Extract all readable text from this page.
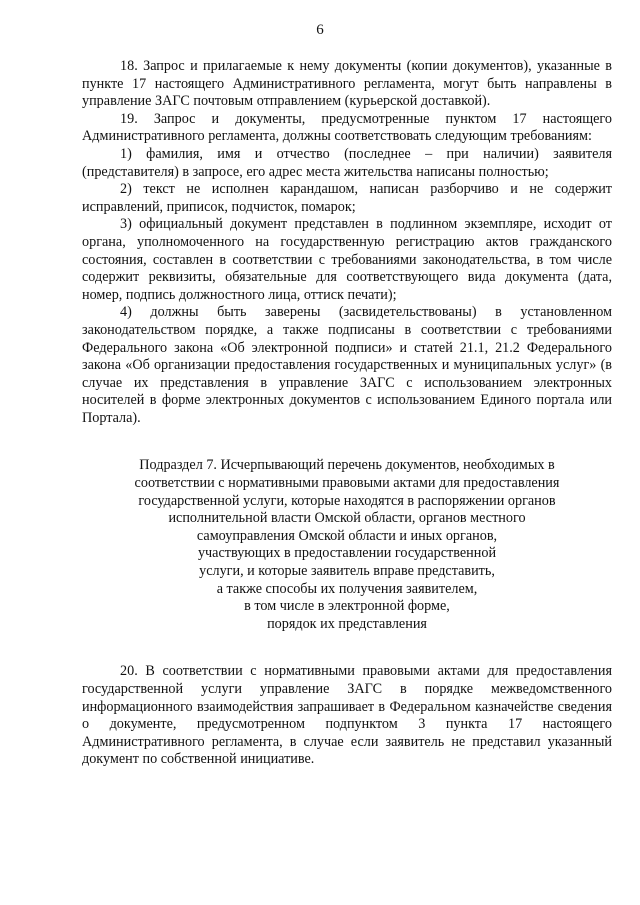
6

18. Запрос и прилагаемые к нему документы (копии документов), указанные в пункте 17 настоящего Административного регламента, могут быть направлены в управление ЗАГС почтовым отправлением (курьерской доставкой).

19. Запрос и документы, предусмотренные пунктом 17 настоящего Административного регламента, должны соответствовать следующим требованиям:

1) фамилия, имя и отчество (последнее – при наличии) заявителя (представителя) в запросе, его адрес места жительства написаны полностью;

2) текст не исполнен карандашом, написан разборчиво и не содержит исправлений, приписок, подчисток, помарок;

3) официальный документ представлен в подлинном экземпляре, исходит от органа, уполномоченного на государственную регистрацию актов гражданского состояния, составлен в соответствии с требованиями законодательства, в том числе содержит реквизиты, обязательные для соответствующего вида документа (дата, номер, подпись должностного лица, оттиск печати);

4) должны быть заверены (засвидетельствованы) в установленном законодательством порядке, а также подписаны в соответствии с требованиями Федерального закона «Об электронной подписи» и статей 21.1, 21.2 Федерального закона «Об организации предоставления государственных и муниципальных услуг» (в случае их представления в управление ЗАГС с использованием электронных носителей в форме электронных документов с использованием Единого портала или Портала).

Подраздел 7. Исчерпывающий перечень документов, необходимых в
соответствии с нормативными правовыми актами для предоставления
государственной услуги, которые находятся в распоряжении органов
исполнительной власти Омской области, органов местного
самоуправления Омской области и иных органов,
участвующих в предоставлении государственной
услуги, и которые заявитель вправе представить,
а также способы их получения заявителем,
в том числе в электронной форме,
порядок их представления

20. В соответствии с нормативными правовыми актами для предоставления государственной услуги управление ЗАГС в порядке межведомственного информационного взаимодействия запрашивает в Федеральном казначействе сведения о документе, предусмотренном подпунктом 3 пункта 17 настоящего Административного регламента, в случае если заявитель не представил указанный документ по собственной инициативе.
